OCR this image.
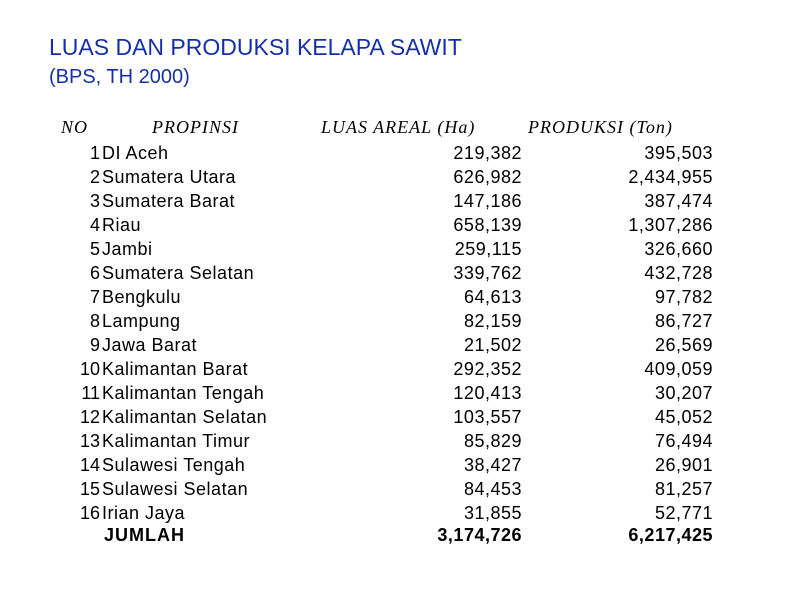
LUAS DAN PRODUKSI KELAPA SAWIT
(BPS, TH 2000)
NO	PROPINSI	LUAS AREAL (Ha)	PRODUKSI (Ton)
1 DI Aceh	219,382	395,503
2 Sumatera Utara	626,982	2,434,955
3 Sumatera Barat	147,186	387,474
4 Riau	658,139	1,307,286
5 Jambi	259,115	326,660
6 Sumatera Selatan	339,762	432,728
7 Bengkulu	64,613	97,782
8 Lampung	82,159	86,727
9 Jawa Barat	21,502	26,569
10 Kalimantan Barat	292,352	409,059
11 Kalimantan Tengah	120,413	30,207
12 Kalimantan Selatan	103,557	45,052
13 Kalimantan Timur	85,829	76,494
14 Sulawesi Tengah	38,427	26,901
15 Sulawesi Selatan	84,453	81,257
16 Irian Jaya	31,855	52,771
JUMLAH	3,174,726	6,217,425
